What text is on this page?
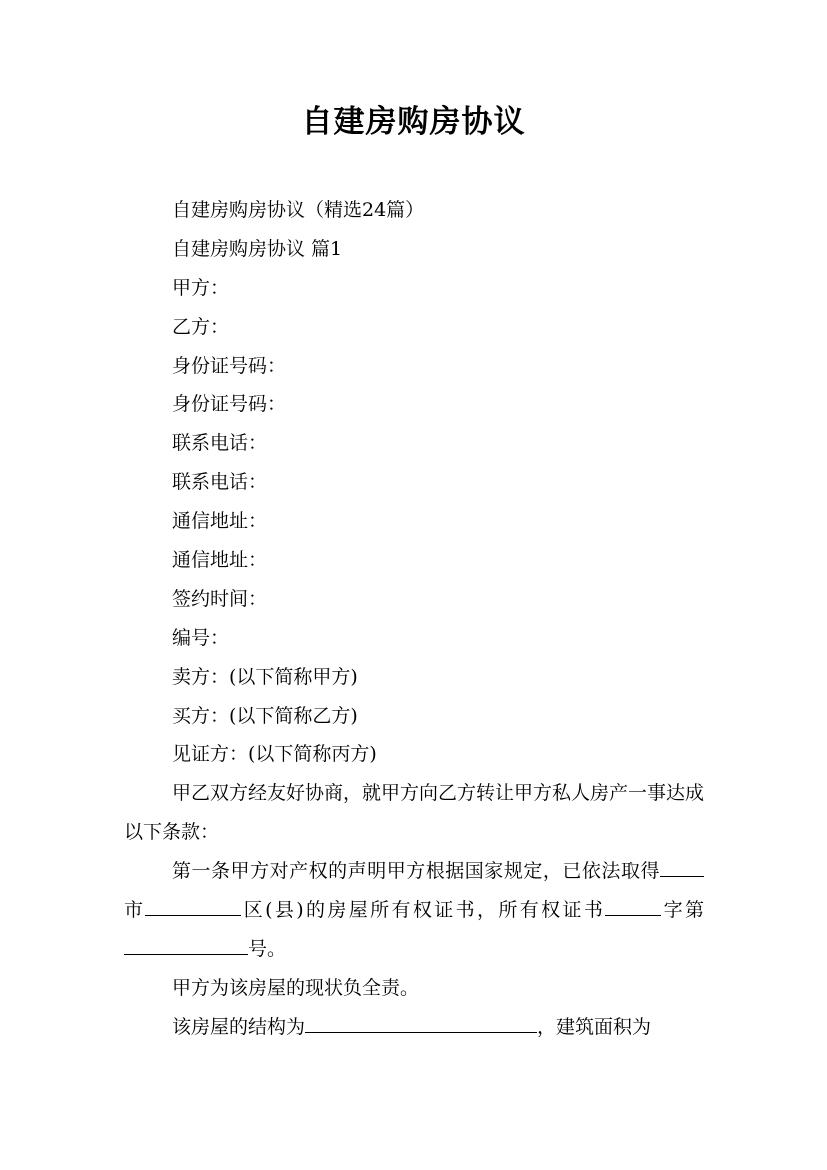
自建房购房协议

自建房购房协议（精选24篇）

自建房购房协议 篇1

甲方：

乙方：

身份证号码：

身份证号码：

联系电话：

联系电话：

通信地址：

通信地址：

签约时间：

编号：

卖方：(以下简称甲方)

买方：(以下简称乙方)

见证方：(以下简称丙方)

甲乙双方经友好协商，就甲方向乙方转让甲方私人房产一事达成以下条款：

第一条甲方对产权的声明甲方根据国家规定，已依法取得市	区(县)的房屋所有权证书，所有权证书	字第号。

甲方为该房屋的现状负全责。

该房屋的结构为	，建筑面积为
